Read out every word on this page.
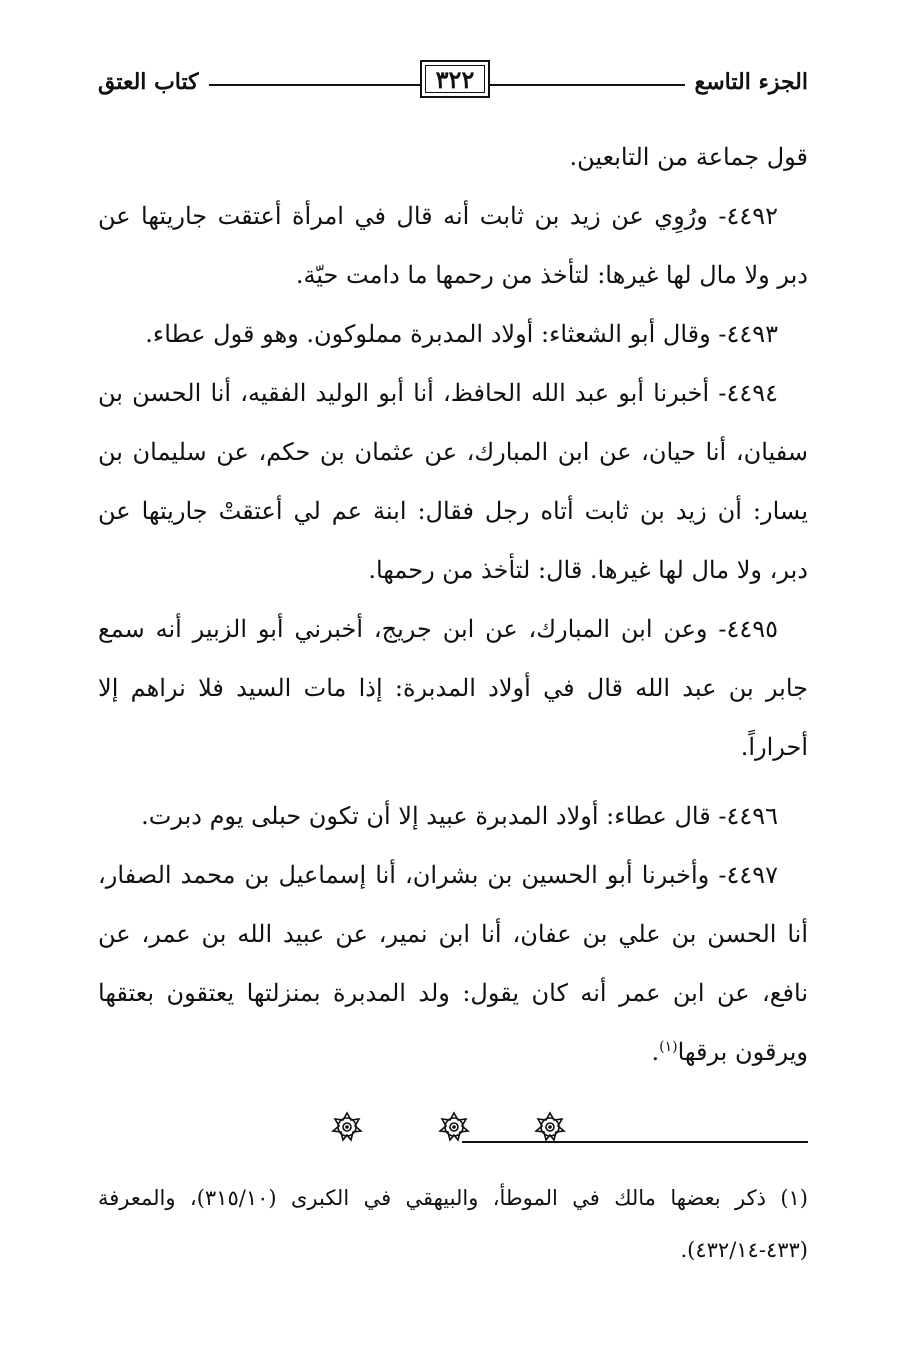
الجزء التاسع
٣٢٢
كتاب العتق

قول جماعة من التابعين.

٤٤٩٢- ورُوِي عن زيد بن ثابت أنه قال في امرأة أعتقت جاريتها عن دبر ولا مال لها غيرها: لتأخذ من رحمها ما دامت حيّة.

٤٤٩٣- وقال أبو الشعثاء: أولاد المدبرة مملوكون. وهو قول عطاء.

٤٤٩٤- أخبرنا أبو عبد الله الحافظ، أنا أبو الوليد الفقيه، أنا الحسن بن سفيان، أنا حيان، عن ابن المبارك، عن عثمان بن حكم، عن سليمان بن يسار: أن زيد بن ثابت أتاه رجل فقال: ابنة عم لي أعتقتْ جاريتها عن دبر، ولا مال لها غيرها. قال: لتأخذ من رحمها.

٤٤٩٥- وعن ابن المبارك، عن ابن جريج، أخبرني أبو الزبير أنه سمع جابر بن عبد الله قال في أولاد المدبرة: إذا مات السيد فلا نراهم إلا أحراراً.

٤٤٩٦- قال عطاء: أولاد المدبرة عبيد إلا أن تكون حبلى يوم دبرت.

٤٤٩٧- وأخبرنا أبو الحسين بن بشران، أنا إسماعيل بن محمد الصفار، أنا الحسن بن علي بن عفان، أنا ابن نمير، عن عبيد الله بن عمر، عن نافع، عن ابن عمر أنه كان يقول: ولد المدبرة بمنزلتها يعتقون بعتقها ويرقون برقها$^{(١)}$.

(١) ذكر بعضها مالك في الموطأ، والبيهقي في الكبرى (٣١٥/١٠)، والمعرفة (٤٣٣-٤٣٢/١٤).
